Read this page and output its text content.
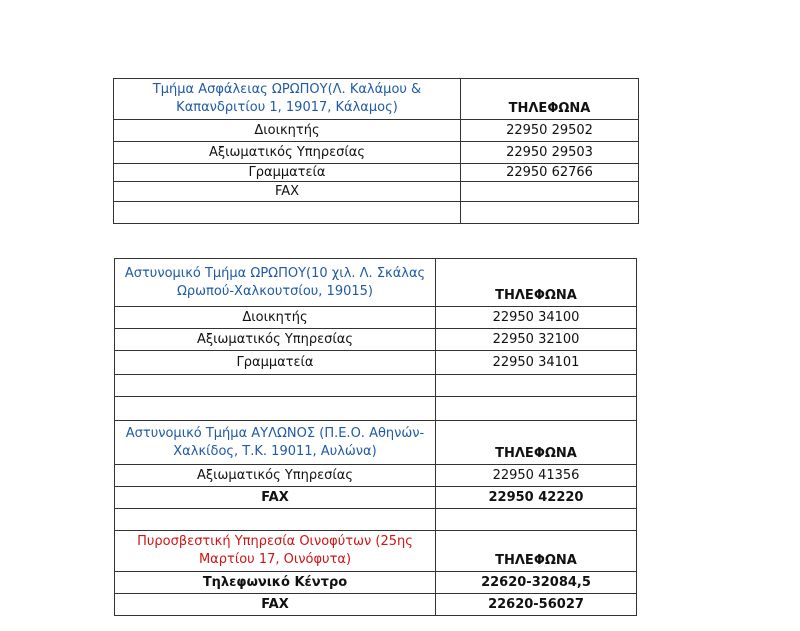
Τμήμα Ασφάλειας ΩΡΩΠΟΥ(Λ. Καλάμου & Καπανδριτίου 1, 19017, Κάλαμος)	ΤΗΛΕΦΩΝΑ
Διοικητής	22950 29502
Αξιωματικός Υπηρεσίας	22950 29503
Γραμματεία	22950 62766
FAX	

Αστυνομικό Τμήμα ΩΡΩΠΟΥ(10 χιλ. Λ. Σκάλας Ωρωπού-Χαλκουτσίου, 19015)	ΤΗΛΕΦΩΝΑ
Διοικητής	22950 34100
Αξιωματικός Υπηρεσίας	22950 32100
Γραμματεία	22950 34101

Αστυνομικό Τμήμα ΑΥΛΩΝΟΣ (Π.Ε.Ο. Αθηνών-Χαλκίδος, Τ.Κ. 19011, Αυλώνα)	ΤΗΛΕΦΩΝΑ
Αξιωματικός Υπηρεσίας	22950 41356
FAX	22950 42220

Πυροσβεστική Υπηρεσία Οινοφύτων (25ης Μαρτίου 17, Οινόφυτα)	ΤΗΛΕΦΩΝΑ
Τηλεφωνικό Κέντρο	22620-32084,5
FAX	22620-56027
